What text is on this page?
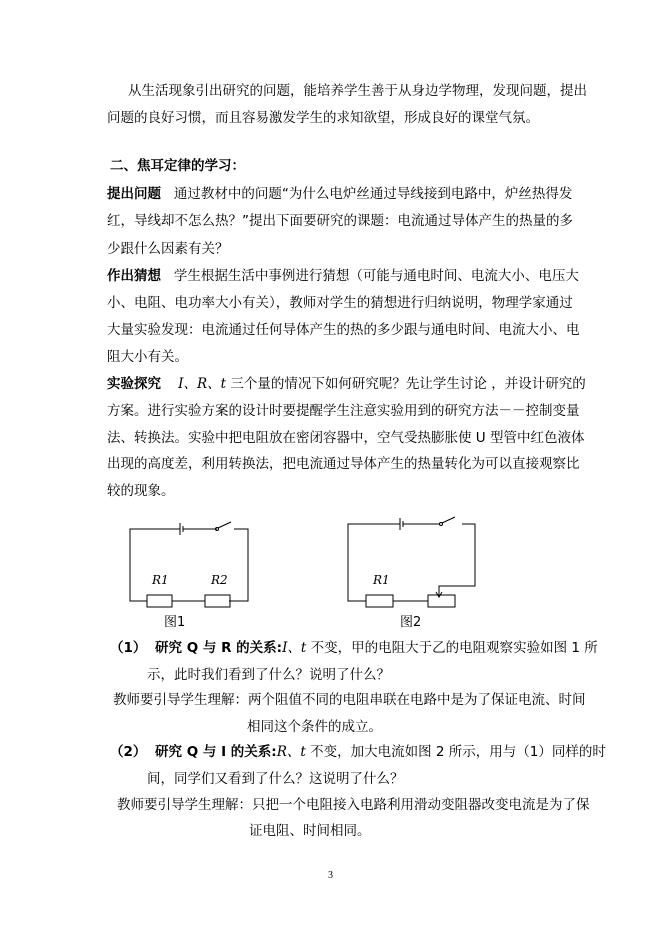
从生活现象引出研究的问题，能培养学生善于从身边学物理，发现问题，提出
问题的良好习惯，而且容易激发学生的求知欲望，形成良好的课堂气氛。
二、焦耳定律的学习：
提出问题 通过教材中的问题“为什么电炉丝通过导线接到电路中，炉丝热得发
红，导线却不怎么热？”提出下面要研究的课题：电流通过导体产生的热量的多
少跟什么因素有关？
作出猜想 学生根据生活中事例进行猜想（可能与通电时间、电流大小、电压大
小、电阻、电功率大小有关），教师对学生的猜想进行归纳说明，物理学家通过
大量实验发现：电流通过任何导体产生的热的多少跟与通电时间、电流大小、电
阻大小有关。
实验探究 I、R、t 三个量的情况下如何研究呢？先让学生讨论 ，并设计研究的
方案。进行实验方案的设计时要提醒学生注意实验用到的研究方法－－控制变量
法、转换法。实验中把电阻放在密闭容器中，空气受热膨胀使 U 型管中红色液体
出现的高度差，利用转换法，把电流通过导体产生的热量转化为可以直接观察比
较的现象。
R1	R2
图1
R1
图2
（1） 研究 Q 与 R 的关系:I、t 不变，甲的电阻大于乙的电阻观察实验如图 1 所
示，此时我们看到了什么？说明了什么？
教师要引导学生理解：两个阻值不同的电阻串联在电路中是为了保证电流、时间
相同这个条件的成立。
（2） 研究 Q 与 I 的关系:R、t 不变，加大电流如图 2 所示，用与（1）同样的时
间，同学们又看到了什么？这说明了什么？
教师要引导学生理解：只把一个电阻接入电路利用滑动变阻器改变电流是为了保
证电阻、时间相同。
3
